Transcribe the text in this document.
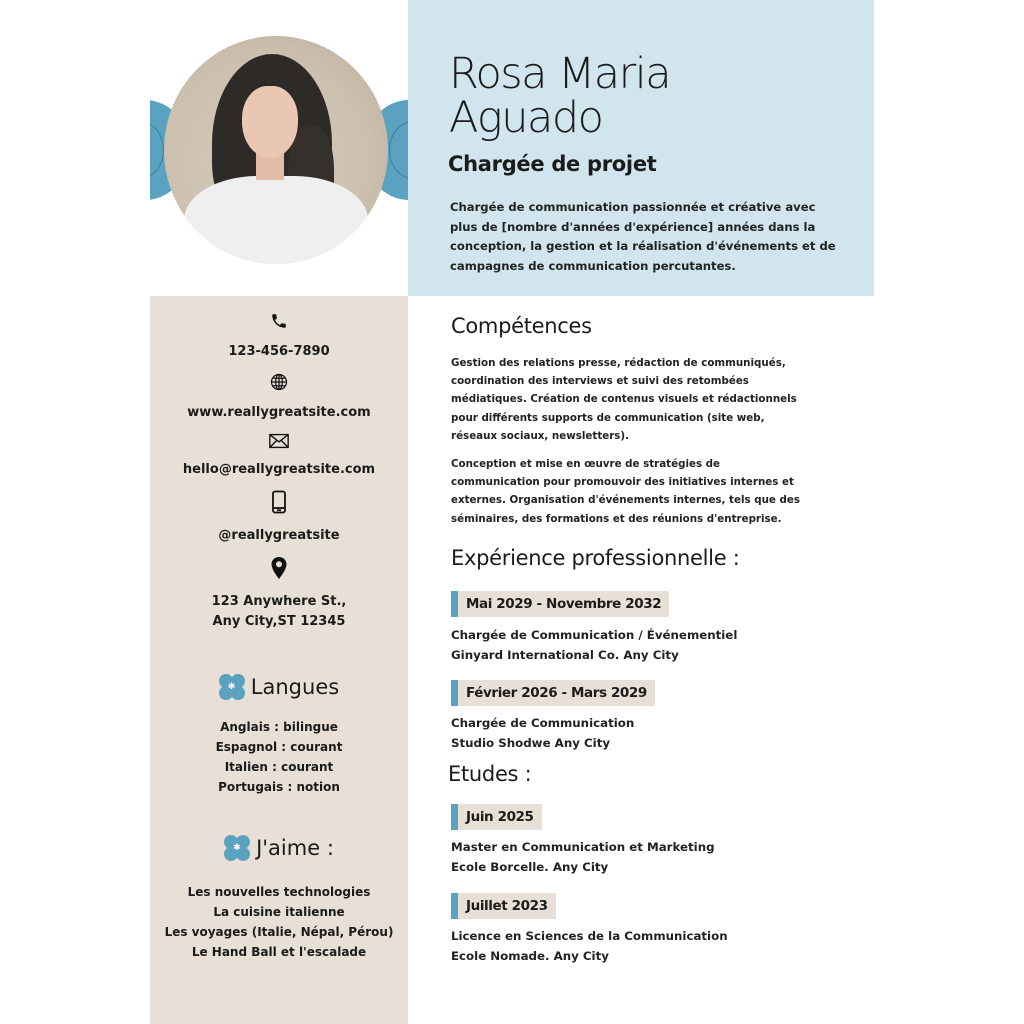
Rosa Maria
Aguado
Chargée de projet
Chargée de communication passionnée et créative avec plus de [nombre d'années d'expérience] années dans la conception, la gestion et la réalisation d'événements et de campagnes de communication percutantes.
123-456-7890
www.reallygreatsite.com
hello@reallygreatsite.com
@reallygreatsite
123 Anywhere St.,
Any City,ST 12345
✱ Langues
Anglais : bilingue
Espagnol : courant
Italien : courant
Portugais : notion
✱ J'aime :
Les nouvelles technologies
La cuisine italienne
Les voyages (Italie, Népal, Pérou)
Le Hand Ball et l'escalade
Compétences
Gestion des relations presse, rédaction de communiqués, coordination des interviews et suivi des retombées médiatiques. Création de contenus visuels et rédactionnels pour différents supports de communication (site web, réseaux sociaux, newsletters).
Conception et mise en œuvre de stratégies de communication pour promouvoir des initiatives internes et externes. Organisation d'événements internes, tels que des séminaires, des formations et des réunions d'entreprise.
Expérience professionnelle :
Mai 2029 - Novembre 2032
Chargée de Communication / Événementiel
Ginyard International Co. Any City
Février 2026 - Mars 2029
Chargée de Communication
Studio Shodwe Any City
Etudes :
Juin 2025
Master en Communication et Marketing
Ecole Borcelle. Any City
Juillet 2023
Licence en Sciences de la Communication
Ecole Nomade. Any City
